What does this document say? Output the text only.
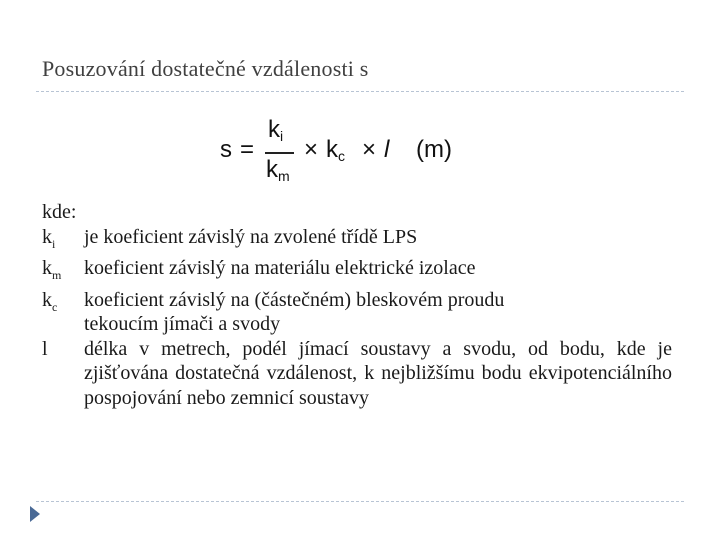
Posuzování dostatečné vzdálenosti s
s =
$k_i$
$k_m$
× $k_c \times l$ (m)
kde:
$k_i$	je koeficient závislý na zvolené třídě LPS
$k_m$	koeficient závislý na materiálu elektrické izolace
$k_c$	koeficient závislý na (částečném) bleskovém proudu tekoucím jímači a svody
l	délka v metrech, podél jímací soustavy a svodu, od bodu, kde je zjišťována dostatečná vzdálenost, k nejbližšímu bodu ekvipotenciálního pospojování nebo zemnicí soustavy
